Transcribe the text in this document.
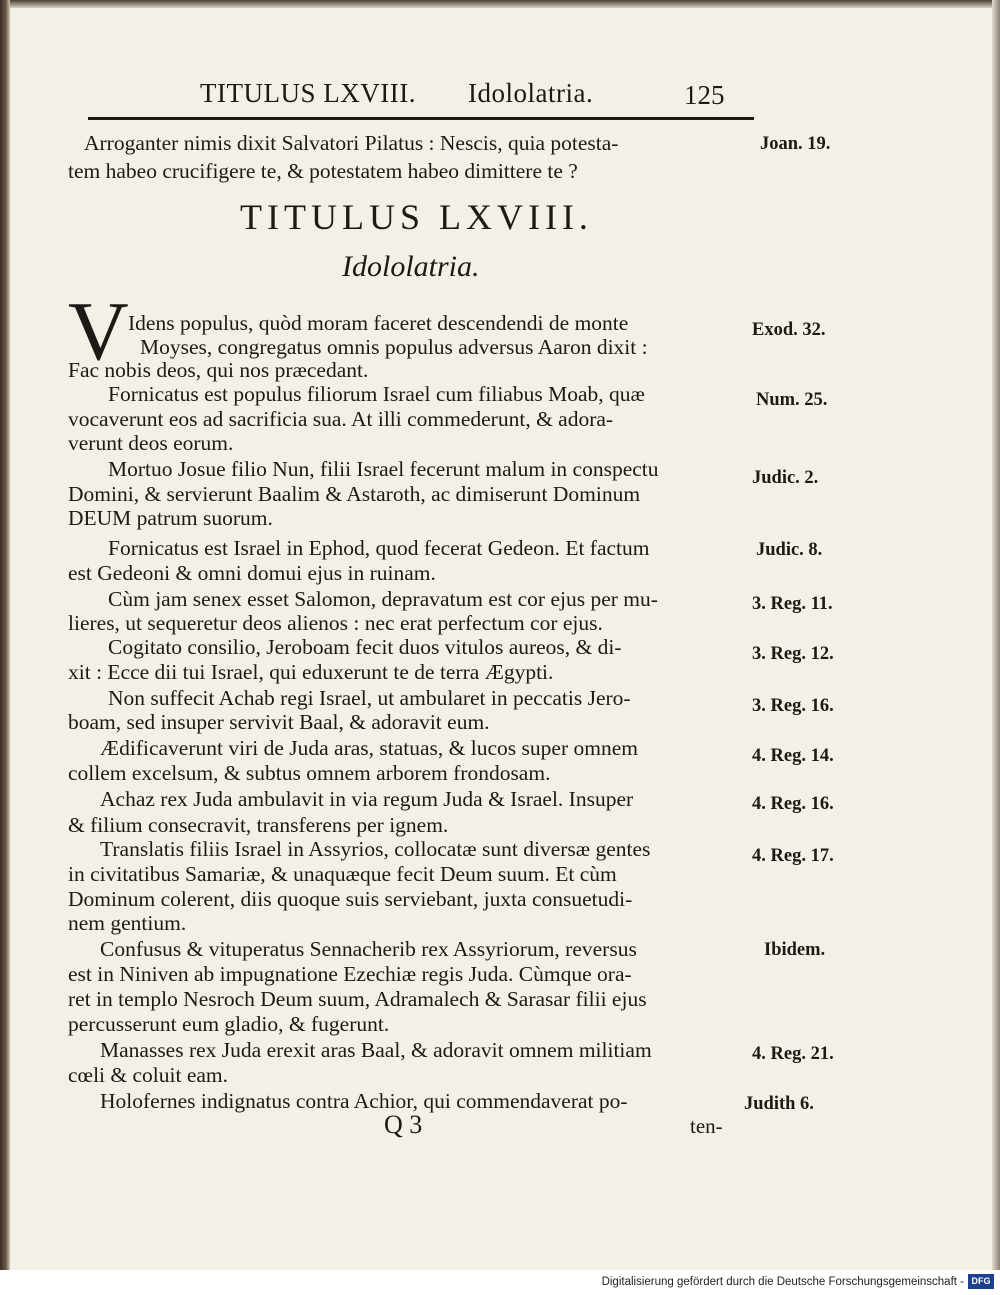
TITULUS LXVIII. Idololatria.	125
Arroganter nimis dixit Salvatori Pilatus : Nescis, quia potesta-
tem habeo crucifigere te, & potestatem habeo dimittere te ?
Joan. 19.
TITULUS LXVIII.
Idololatria.
V Idens populus, quòd moram faceret descendendi de monte
Moyses, congregatus omnis populus adversus Aaron dixit :
Fac nobis deos, qui nos præcedant.
Exod. 32.
Fornicatus est populus filiorum Israel cum filiabus Moab, quæ
vocaverunt eos ad sacrificia sua. At illi commederunt, & adora-
verunt deos eorum.
Num. 25.
Mortuo Josue filio Nun, filii Israel fecerunt malum in conspectu
Domini, & servierunt Baalim & Astaroth, ac dimiserunt Dominum
DEUM patrum suorum.
Judic. 2.
Fornicatus est Israel in Ephod, quod fecerat Gedeon. Et factum
est Gedeoni & omni domui ejus in ruinam.
Judic. 8.
Cùm jam senex esset Salomon, depravatum est cor ejus per mu-
lieres, ut sequeretur deos alienos : nec erat perfectum cor ejus.
3. Reg. 11.
Cogitato consilio, Jeroboam fecit duos vitulos aureos, & di-
xit : Ecce dii tui Israel, qui eduxerunt te de terra Ægypti.
3. Reg. 12.
Non suffecit Achab regi Israel, ut ambularet in peccatis Jero-
boam, sed insuper servivit Baal, & adoravit eum.
3. Reg. 16.
Ædificaverunt viri de Juda aras, statuas, & lucos super omnem
collem excelsum, & subtus omnem arborem frondosam.
4. Reg. 14.
Achaz rex Juda ambulavit in via regum Juda & Israel. Insuper
& filium consecravit, transferens per ignem.
4. Reg. 16.
Translatis filiis Israel in Assyrios, collocatæ sunt diversæ gentes
in civitatibus Samariæ, & unaquæque fecit Deum suum. Et cùm
Dominum colerent, diis quoque suis serviebant, juxta consuetudi-
nem gentium.
4. Reg. 17.
Confusus & vituperatus Sennacherib rex Assyriorum, reversus
est in Niniven ab impugnatione Ezechiæ regis Juda. Cùmque ora-
ret in templo Nesroch Deum suum, Adramalech & Sarasar filii ejus
percusserunt eum gladio, & fugerunt.
Ibidem.
Manasses rex Juda erexit aras Baal, & adoravit omnem militiam
cœli & coluit eam.
4. Reg. 21.
Holofernes indignatus contra Achior, qui commendaverat po-	Judith 6.
Q 3	ten-
Digitalisierung gefördert durch die Deutsche Forschungsgemeinschaft - DFG
